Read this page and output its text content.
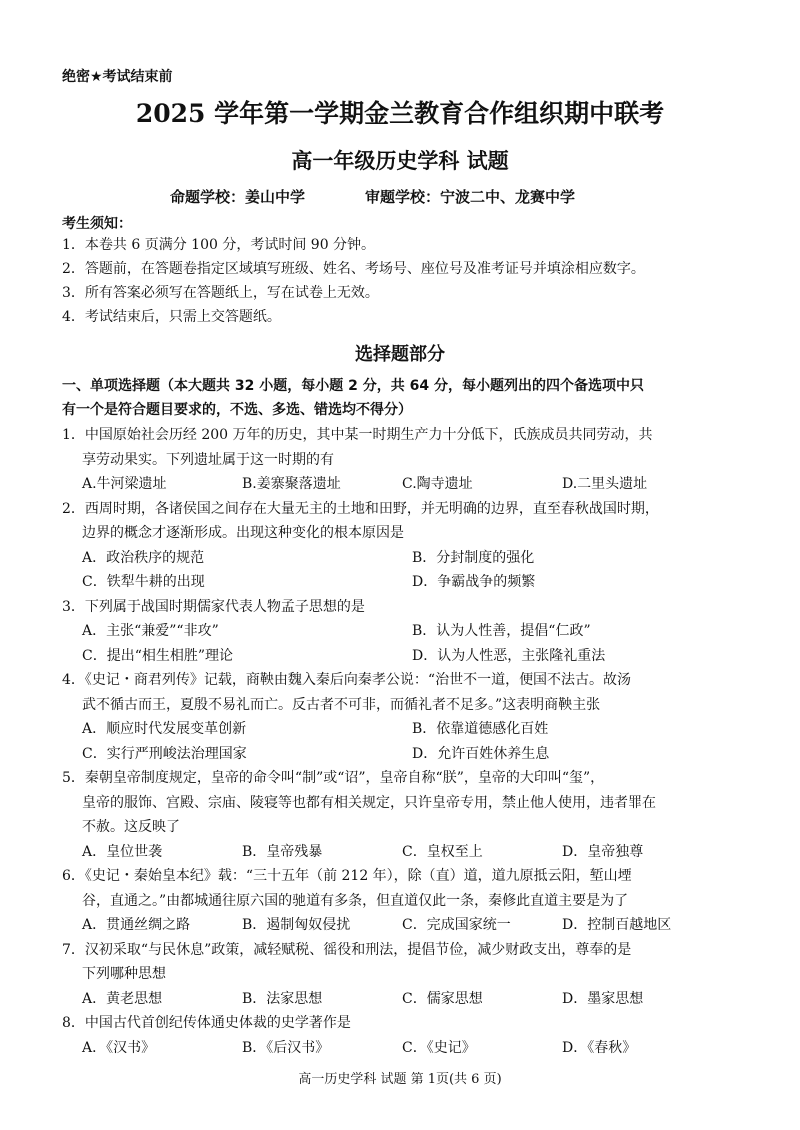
绝密★考试结束前
2025 学年第一学期金兰教育合作组织期中联考
高一年级历史学科 试题
命题学校：姜山中学	审题学校：宁波二中、龙赛中学
考生须知：
1．本卷共 6 页满分 100 分，考试时间 90 分钟。
2．答题前，在答题卷指定区域填写班级、姓名、考场号、座位号及准考证号并填涂相应数字。
3．所有答案必须写在答题纸上，写在试卷上无效。
4．考试结束后，只需上交答题纸。
选择题部分
一、单项选择题（本大题共 32 小题，每小题 2 分，共 64 分，每小题列出的四个备选项中只
有一个是符合题目要求的，不选、多选、错选均不得分）
1．中国原始社会历经 200 万年的历史，其中某一时期生产力十分低下，氏族成员共同劳动，共
享劳动果实。下列遗址属于这一时期的有
A.牛河梁遗址	B.姜寨聚落遗址	C.陶寺遗址	D.二里头遗址
2．西周时期，各诸侯国之间存在大量无主的土地和田野，并无明确的边界，直至春秋战国时期，
边界的概念才逐渐形成。出现这种变化的根本原因是
A．政治秩序的规范	B．分封制度的强化
C．铁犁牛耕的出现	D．争霸战争的频繁
3．下列属于战国时期儒家代表人物孟子思想的是
A．主张“兼爱”“非攻”	B．认为人性善，提倡“仁政”
C．提出“相生相胜”理论	D．认为人性恶，主张隆礼重法
4．《史记・商君列传》记载，商鞅由魏入秦后向秦孝公说：“治世不一道，便国不法古。故汤
武不循古而王，夏殷不易礼而亡。反古者不可非，而循礼者不足多。”这表明商鞅主张
A．顺应时代发展变革创新	B．依靠道德感化百姓
C．实行严刑峻法治理国家	D．允许百姓休养生息
5．秦朝皇帝制度规定，皇帝的命令叫“制”或“诏”，皇帝自称“朕”，皇帝的大印叫“玺”，
皇帝的服饰、宫殿、宗庙、陵寝等也都有相关规定，只许皇帝专用，禁止他人使用，违者罪在
不赦。这反映了
A．皇位世袭	B．皇帝残暴	C．皇权至上	D．皇帝独尊
6．《史记・秦始皇本纪》载：“三十五年（前 212 年），除（直）道，道九原抵云阳，堑山堙
谷，直通之。”由都城通往原六国的驰道有多条，但直道仅此一条，秦修此直道主要是为了
A．贯通丝绸之路	B．遏制匈奴侵扰	C．完成国家统一	D．控制百越地区
7．汉初采取“与民休息”政策，减轻赋税、徭役和刑法，提倡节俭，减少财政支出，尊奉的是
下列哪种思想
A．黄老思想	B．法家思想	C．儒家思想	D．墨家思想
8．中国古代首创纪传体通史体裁的史学著作是
A．《汉书》	B．《后汉书》	C．《史记》	D．《春秋》
高一历史学科 试题 第 1页(共 6 页)
